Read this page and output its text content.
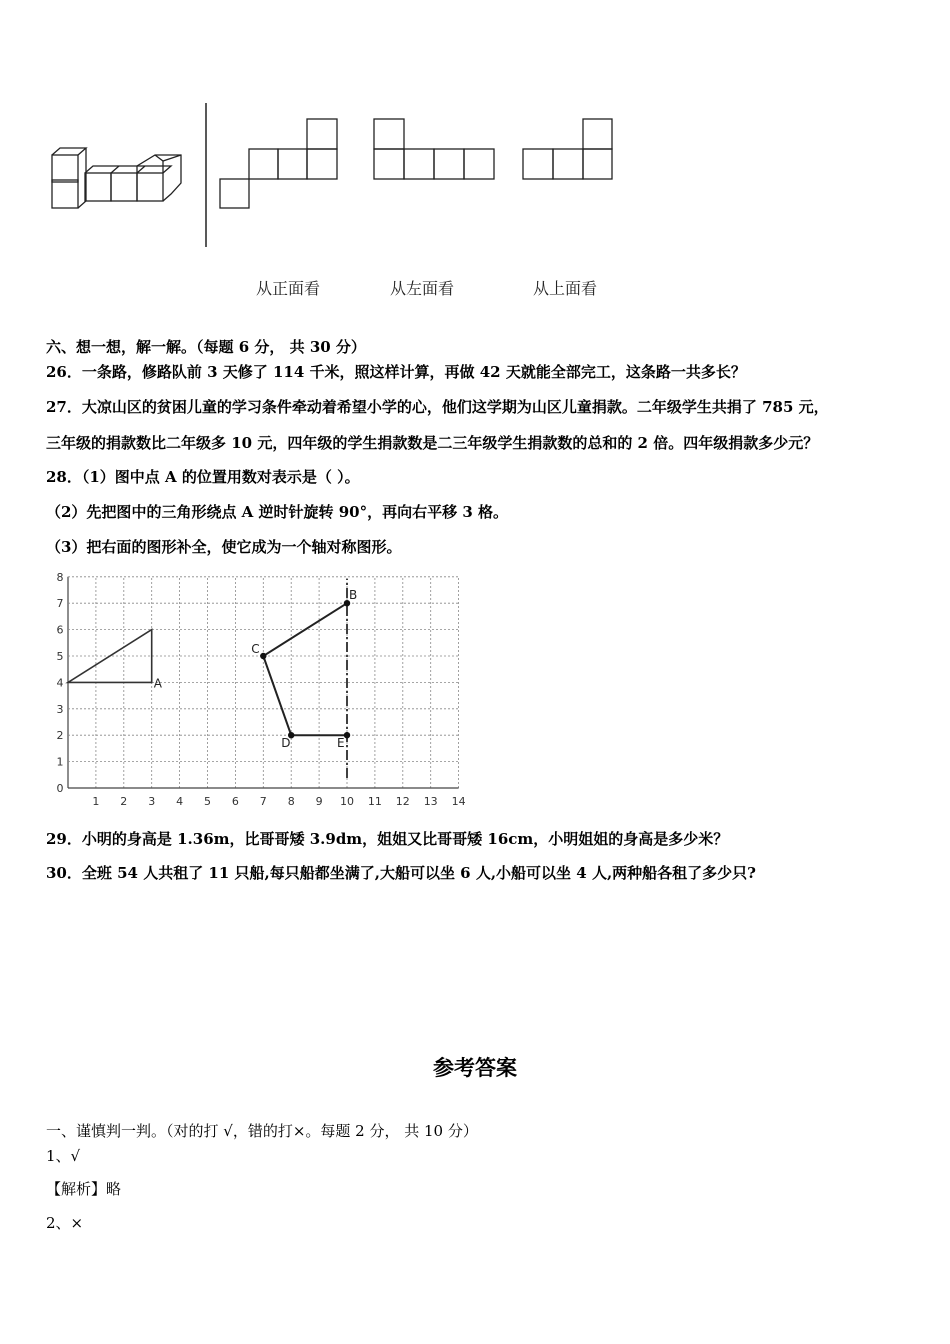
从正面看	从左面看	从上面看
六、想一想，解一解。（每题 6 分， 共 30 分）
26．一条路，修路队前 3 天修了 114 千米，照这样计算，再做 42 天就能全部完工，这条路一共多长？
27．大凉山区的贫困儿童的学习条件牵动着希望小学的心，他们这学期为山区儿童捐款。二年级学生共捐了 785 元，
三年级的捐款数比二年级多 10 元，四年级的学生捐款数是二三年级学生捐款数的总和的 2 倍。四年级捐款多少元？
28．（1）图中点 A 的位置用数对表示是（ ）。
（2）先把图中的三角形绕点 A 逆时针旋转 90°，再向右平移 3 格。
（3）把右面的图形补全，使它成为一个轴对称图形。
1 2 3 4 5 6 7 8 9 10 11 12 13 14
0
1
2
3
4
5
6
7
8
A
B
C
D	E
29．小明的身高是 1.36m，比哥哥矮 3.9dm，姐姐又比哥哥矮 16cm，小明姐姐的身高是多少米？
30．全班 54 人共租了 11 只船,每只船都坐满了,大船可以坐 6 人,小船可以坐 4 人,两种船各租了多少只?
参考答案
一、谨慎判一判。（对的打 √，错的打×。每题 2 分， 共 10 分）
1、√
【解析】略
2、×
